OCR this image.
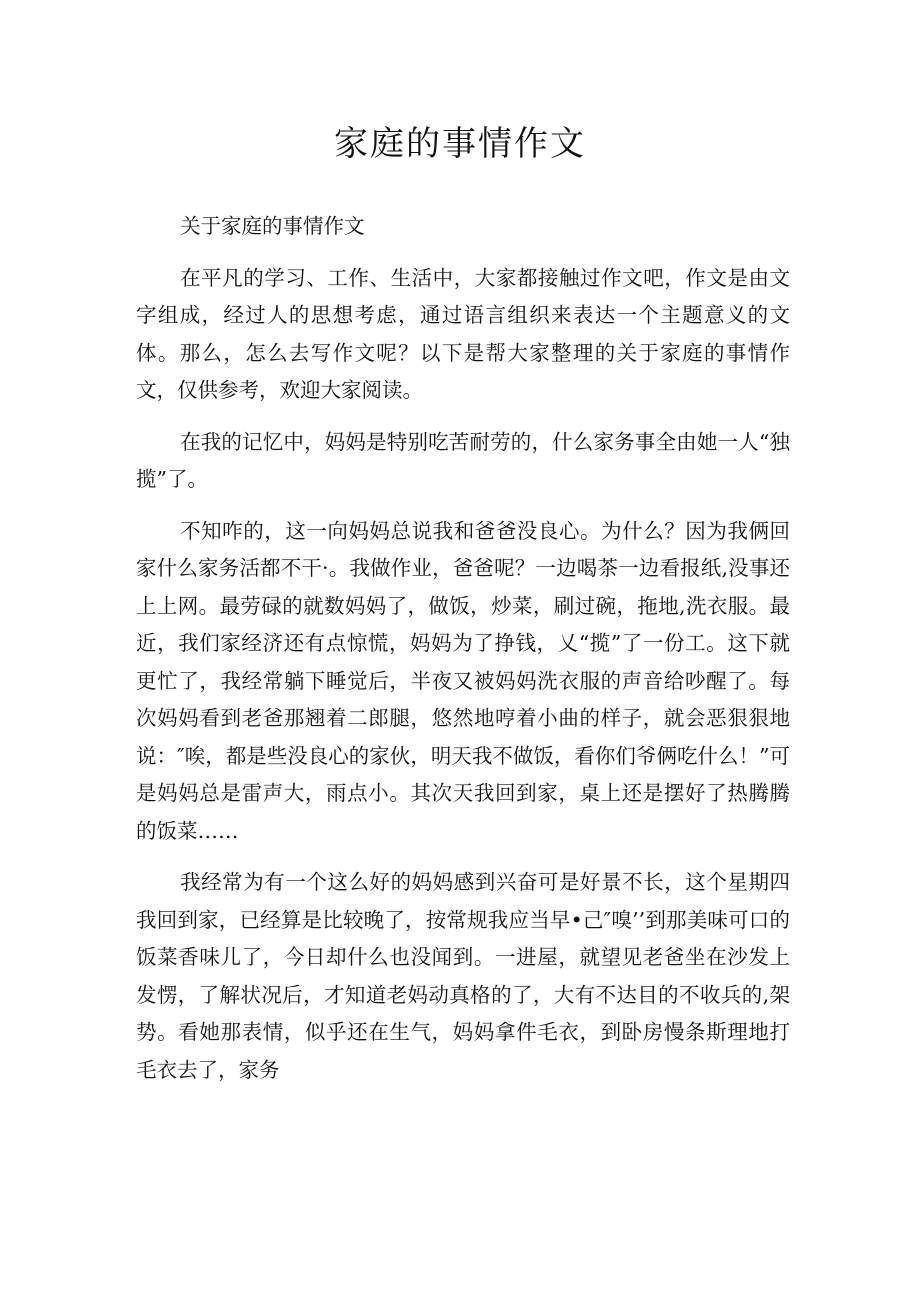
家庭的事情作文

关于家庭的事情作文

在平凡的学习、工作、生活中，大家都接触过作文吧，作文是由文字组成，经过人的思想考虑，通过语言组织来表达一个主题意义的文体。那么，怎么去写作文呢？以下是帮大家整理的关于家庭的事情作文，仅供参考，欢迎大家阅读。

在我的记忆中，妈妈是特别吃苦耐劳的，什么家务事全由她一人“独揽”了。

不知咋的，这一向妈妈总说我和爸爸没良心。为什么？因为我俩回家什么家务活都不干·。我做作业，爸爸呢？一边喝茶一边看报纸,没事还上上网。最劳碌的就数妈妈了，做饭，炒菜，刷过碗，拖地,洗衣服。最近，我们家经济还有点惊慌，妈妈为了挣钱，乂“揽”了一份工。这下就更忙了，我经常躺下睡觉后，半夜又被妈妈洗衣服的声音给吵醒了。每次妈妈看到老爸那翘着二郎腿，悠然地哼着小曲的样子，就会恶狠狠地说：″唉，都是些没良心的家伙，明天我不做饭，看你们爷俩吃什么！”可是妈妈总是雷声大，雨点小。其次天我回到家，桌上还是摆好了热腾腾的饭菜……

我经常为有一个这么好的妈妈感到兴奋可是好景不长，这个星期四我回到家，已经算是比较晚了，按常规我应当早•己″嗅’’到那美味可口的饭菜香味儿了，今日却什么也没闻到。一进屋，就望见老爸坐在沙发上发愣，了解状况后，才知道老妈动真格的了，大有不达目的不收兵的,架势。看她那表情，似乎还在生气，妈妈拿件毛衣，到卧房慢条斯理地打毛衣去了，家务
